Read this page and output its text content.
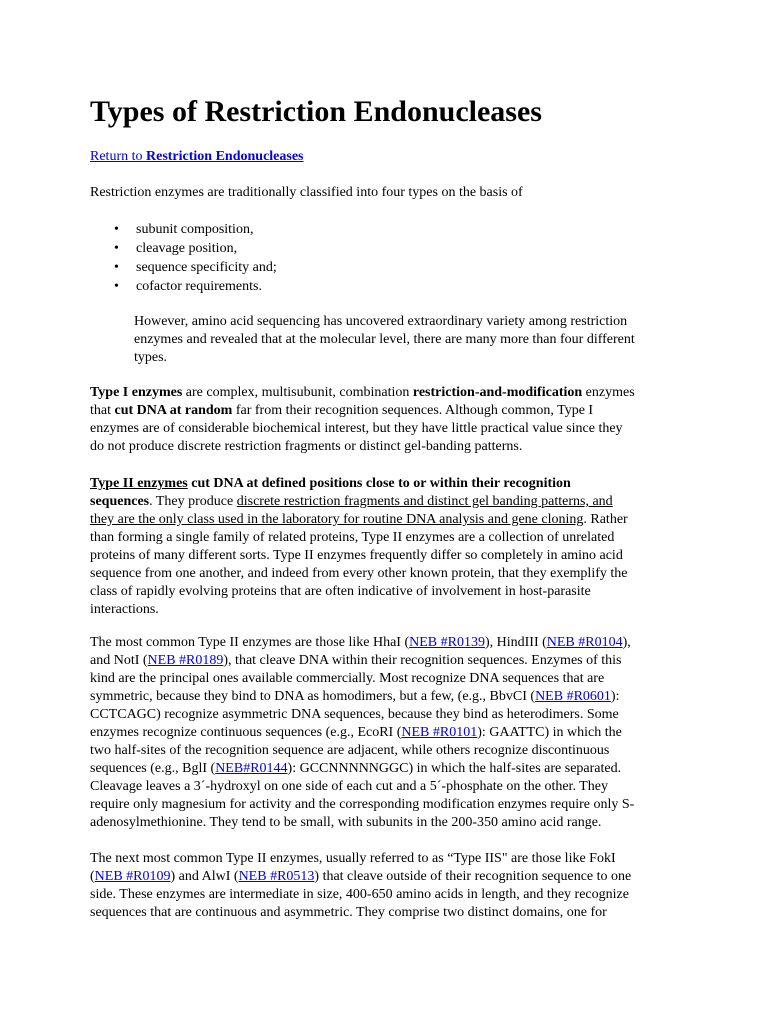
Types of Restriction Endonucleases
Return to Restriction Endonucleases
Restriction enzymes are traditionally classified into four types on the basis of
• subunit composition,
• cleavage position,
• sequence specificity and;
• cofactor requirements.
However, amino acid sequencing has uncovered extraordinary variety among restriction
enzymes and revealed that at the molecular level, there are many more than four different
types.
Type I enzymes are complex, multisubunit, combination restriction-and-modification enzymes
that cut DNA at random far from their recognition sequences. Although common, Type I
enzymes are of considerable biochemical interest, but they have little practical value since they
do not produce discrete restriction fragments or distinct gel-banding patterns.
Type II enzymes cut DNA at defined positions close to or within their recognition
sequences. They produce discrete restriction fragments and distinct gel banding patterns, and
they are the only class used in the laboratory for routine DNA analysis and gene cloning. Rather
than forming a single family of related proteins, Type II enzymes are a collection of unrelated
proteins of many different sorts. Type II enzymes frequently differ so completely in amino acid
sequence from one another, and indeed from every other known protein, that they exemplify the
class of rapidly evolving proteins that are often indicative of involvement in host-parasite
interactions.
The most common Type II enzymes are those like HhaI (NEB #R0139), HindIII (NEB #R0104),
and NotI (NEB #R0189), that cleave DNA within their recognition sequences. Enzymes of this
kind are the principal ones available commercially. Most recognize DNA sequences that are
symmetric, because they bind to DNA as homodimers, but a few, (e.g., BbvCI (NEB #R0601):
CCTCAGC) recognize asymmetric DNA sequences, because they bind as heterodimers. Some
enzymes recognize continuous sequences (e.g., EcoRI (NEB #R0101): GAATTC) in which the
two half-sites of the recognition sequence are adjacent, while others recognize discontinuous
sequences (e.g., BglI (NEB#R0144): GCCNNNNNGGC) in which the half-sites are separated.
Cleavage leaves a 3´-hydroxyl on one side of each cut and a 5´-phosphate on the other. They
require only magnesium for activity and the corresponding modification enzymes require only S-
adenosylmethionine. They tend to be small, with subunits in the 200-350 amino acid range.
The next most common Type II enzymes, usually referred to as “Type IIS" are those like FokI
(NEB #R0109) and AlwI (NEB #R0513) that cleave outside of their recognition sequence to one
side. These enzymes are intermediate in size, 400-650 amino acids in length, and they recognize
sequences that are continuous and asymmetric. They comprise two distinct domains, one for
